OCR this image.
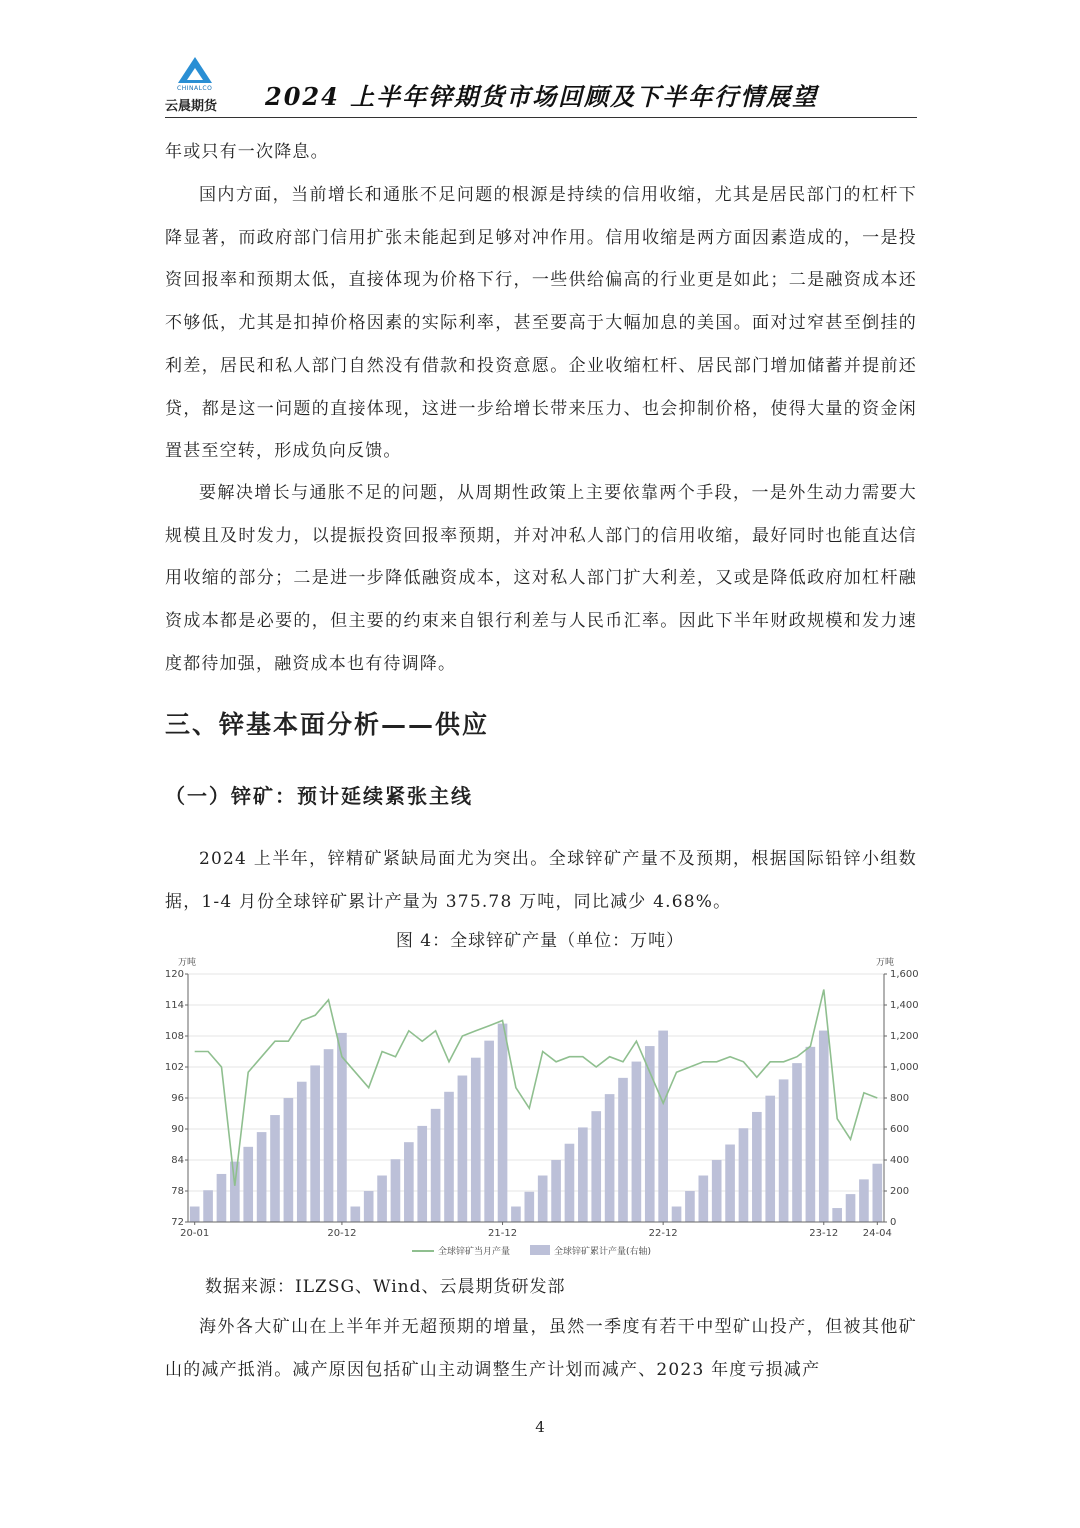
CHINALCO
云晨期货 2024 上半年锌期货市场回顾及下半年行情展望

年或只有一次降息。

国内方面，当前增长和通胀不足问题的根源是持续的信用收缩，尤其是居民部门的杠杆下降显著，而政府部门信用扩张未能起到足够对冲作用。信用收缩是两方面因素造成的，一是投资回报率和预期太低，直接体现为价格下行，一些供给偏高的行业更是如此；二是融资成本还不够低，尤其是扣掉价格因素的实际利率，甚至要高于大幅加息的美国。面对过窄甚至倒挂的利差，居民和私人部门自然没有借款和投资意愿。企业收缩杠杆、居民部门增加储蓄并提前还贷，都是这一问题的直接体现，这进一步给增长带来压力、也会抑制价格，使得大量的资金闲置甚至空转，形成负向反馈。

要解决增长与通胀不足的问题，从周期性政策上主要依靠两个手段，一是外生动力需要大规模且及时发力，以提振投资回报率预期，并对冲私人部门的信用收缩，最好同时也能直达信用收缩的部分；二是进一步降低融资成本，这对私人部门扩大利差，又或是降低政府加杠杆融资成本都是必要的，但主要的约束来自银行利差与人民币汇率。因此下半年财政规模和发力速度都待加强，融资成本也有待调降。

三、锌基本面分析——供应
（一）锌矿：预计延续紧张主线

2024 上半年，锌精矿紧缺局面尤为突出。全球锌矿产量不及预期，根据国际铅锌小组数据，1-4 月份全球锌矿累计产量为 375.78 万吨，同比减少 4.68%。

图 4：全球锌矿产量（单位：万吨）
120
114
108
102
96
90
84
78
72
1,600
1,400
1,200
1,000
800
600
400
200
0
万吨	万吨
20-01	20-12	21-12	22-12	23-12 24-04
全球锌矿当月产量	全球锌矿累计产量(右轴)
数据来源：ILZSG、Wind、云晨期货研发部

海外各大矿山在上半年并无超预期的增量，虽然一季度有若干中型矿山投产，但被其他矿山的减产抵消。减产原因包括矿山主动调整生产计划而减产、2023 年度亏损减产

4
